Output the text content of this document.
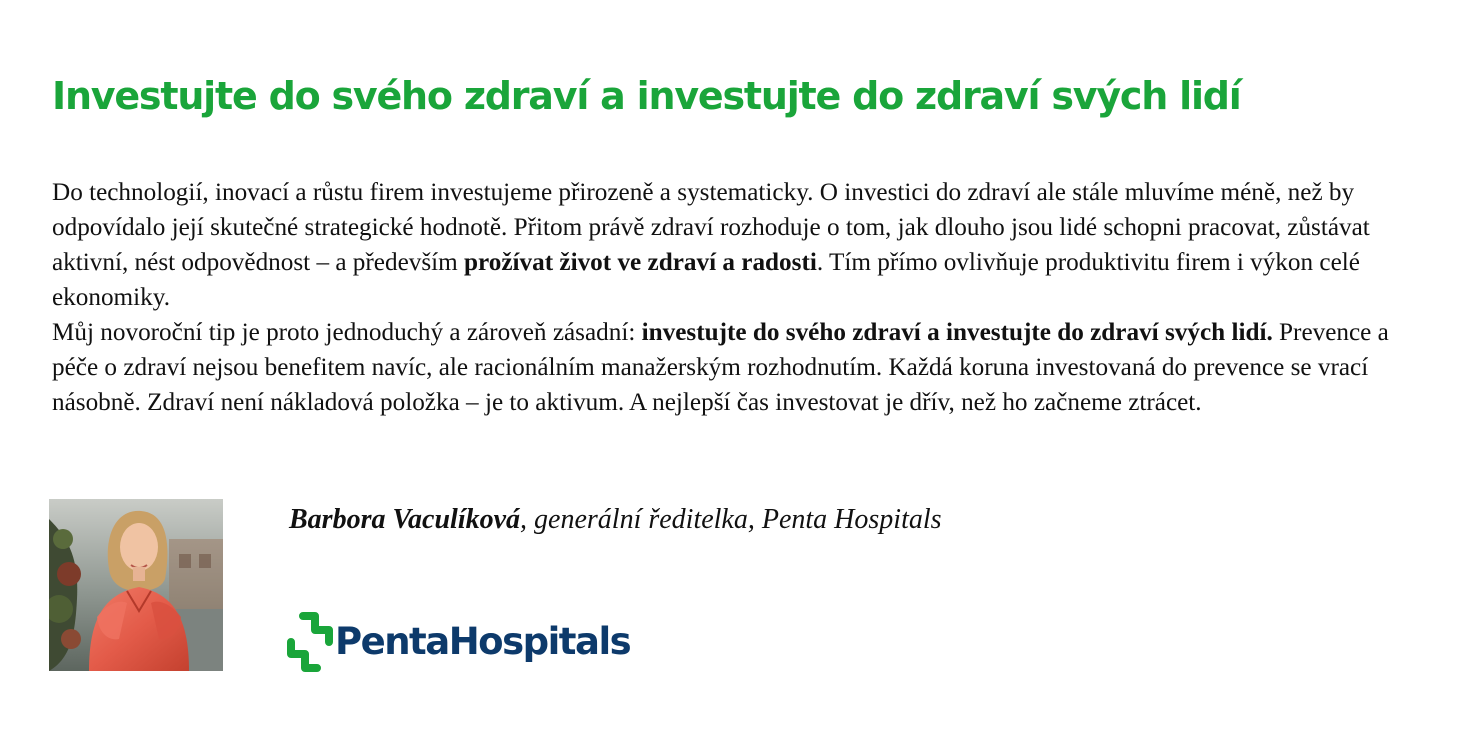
Investujte do svého zdraví a investujte do zdraví svých lidí

Do technologií, inovací a růstu firem investujeme přirozeně a systematicky. O investici do zdraví ale stále mluvíme méně, než by odpovídalo její skutečné strategické hodnotě. Přitom právě zdraví rozhoduje o tom, jak dlouho jsou lidé schopni pracovat, zůstávat aktivní, nést odpovědnost – a především prožívat život ve zdraví a radosti. Tím přímo ovlivňuje produktivitu firem i výkon celé ekonomiky.

Můj novoroční tip je proto jednoduchý a zároveň zásadní: investujte do svého zdraví a investujte do zdraví svých lidí. Prevence a péče o zdraví nejsou benefitem navíc, ale racionálním manažerským rozhodnutím. Každá koruna investovaná do prevence se vrací násobně. Zdraví není nákladová položka – je to aktivum. A nejlepší čas investovat je dřív, než ho začneme ztrácet.

Barbora Vaculíková, generální ředitelka, Penta Hospitals
PentaHospitals
